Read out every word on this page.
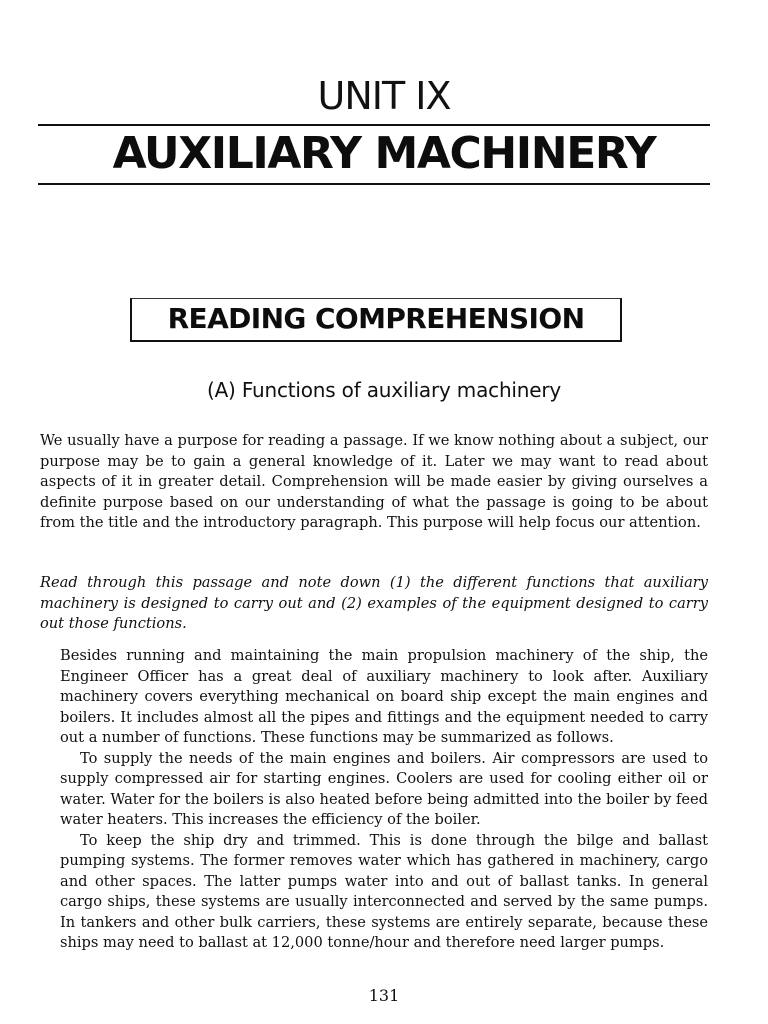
UNIT IX
AUXILIARY MACHINERY
READING COMPREHENSION
(A) Functions of auxiliary machinery

We usually have a purpose for reading a passage. If we know nothing about a subject, our purpose may be to gain a general knowledge of it. Later we may want to read about aspects of it in greater detail. Comprehension will be made easier by giving ourselves a definite purpose based on our understanding of what the passage is going to be about from the title and the introductory paragraph. This purpose will help focus our attention.

Read through this passage and note down (1) the different functions that auxiliary machinery is designed to carry out and (2) examples of the equipment designed to carry out those functions.

Besides running and maintaining the main propulsion machinery of the ship, the Engineer Officer has a great deal of auxiliary machinery to look after. Auxiliary machinery covers everything mechanical on board ship except the main engines and boilers. It includes almost all the pipes and fittings and the equipment needed to carry out a number of functions. These functions may be summarized as follows.

To supply the needs of the main engines and boilers. Air compressors are used to supply compressed air for starting engines. Coolers are used for cooling either oil or water. Water for the boilers is also heated before being admitted into the boiler by feed water heaters. This increases the efficiency of the boiler.

To keep the ship dry and trimmed. This is done through the bilge and ballast pumping systems. The former removes water which has gathered in machinery, cargo and other spaces. The latter pumps water into and out of ballast tanks. In general cargo ships, these systems are usually interconnected and served by the same pumps. In tankers and other bulk carriers, these systems are entirely separate, because these ships may need to ballast at 12,000 tonne/hour and therefore need larger pumps.

131
